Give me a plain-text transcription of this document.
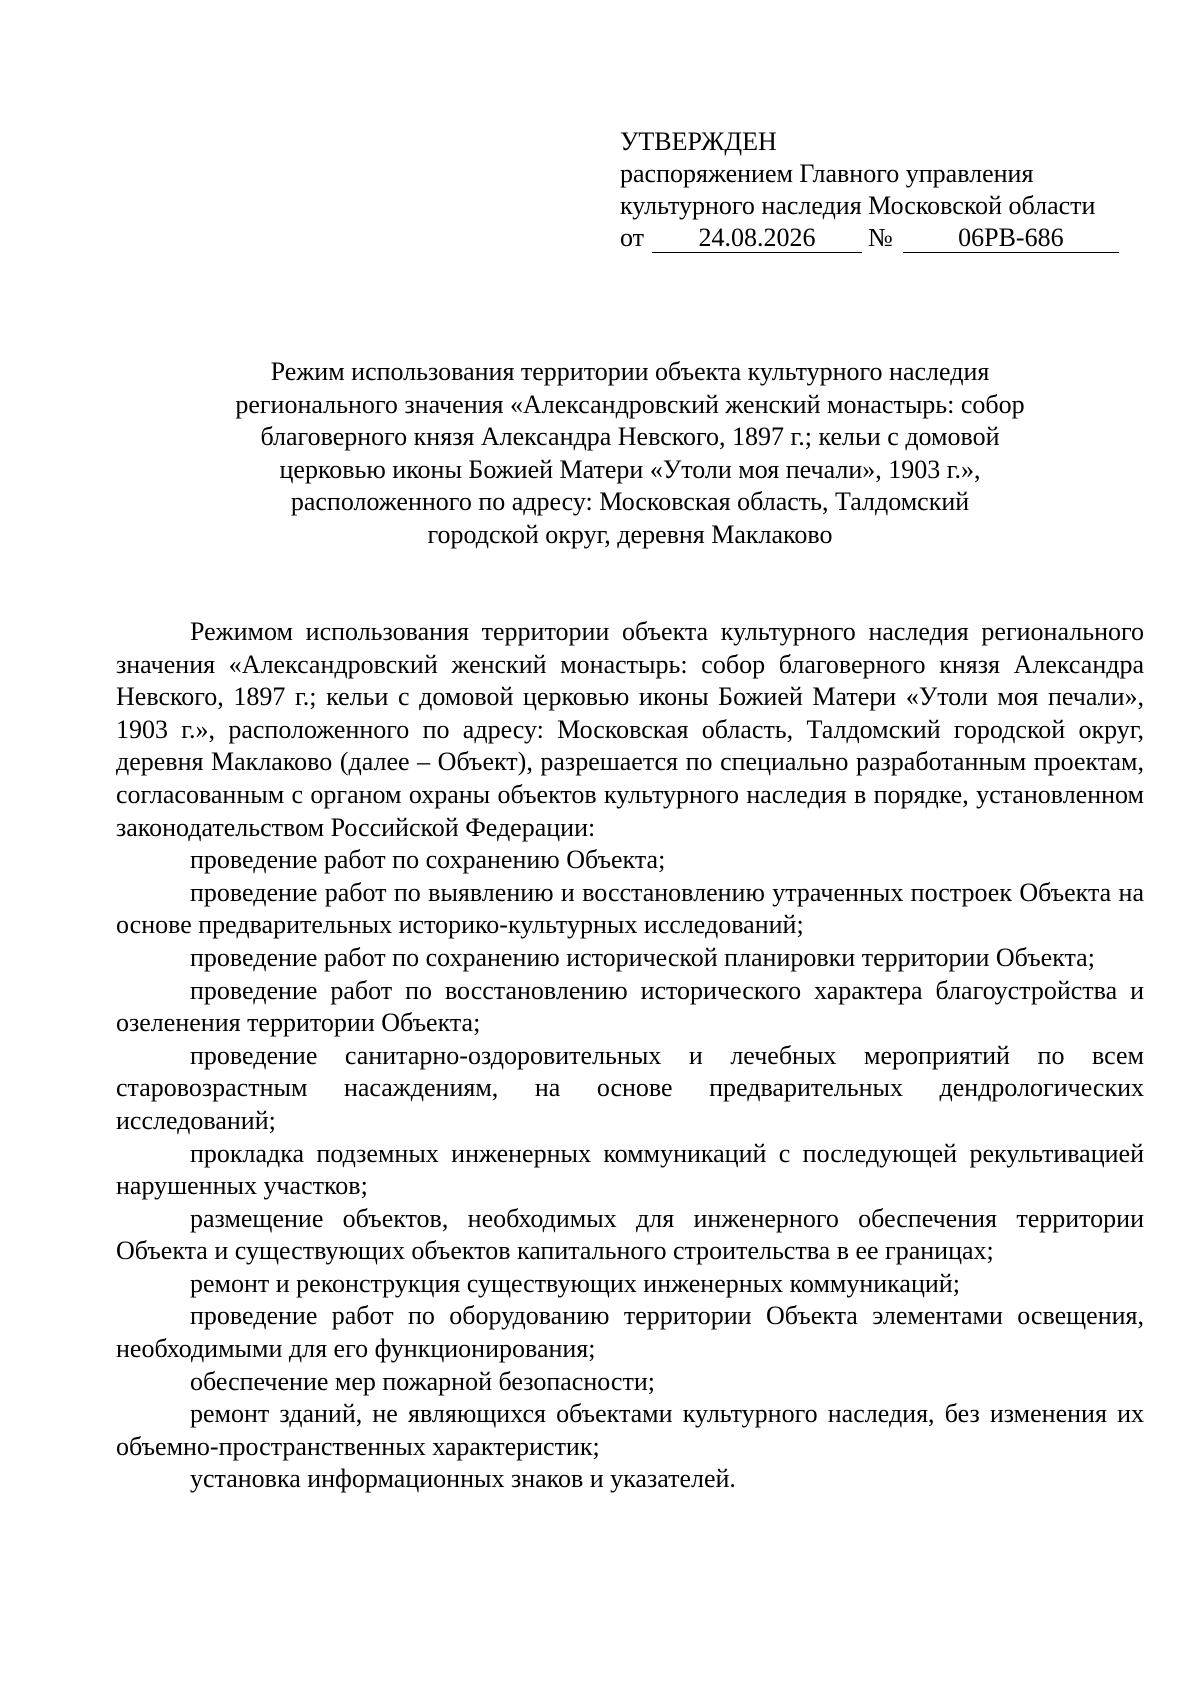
УТВЕРЖДЕН
распоряжением Главного управления
культурного наследия Московской области
от	24.08.2026	№	06РВ-686
Режим использования территории объекта культурного наследия
регионального значения «Александровский женский монастырь: собор
благоверного князя Александра Невского, 1897 г.; кельи с домовой
церковью иконы Божией Матери «Утоли моя печали», 1903 г.»,
расположенного по адресу: Московская область, Талдомский
городской округ, деревня Маклаково

Режимом использования территории объекта культурного наследия регионального значения «Александровский женский монастырь: собор благоверного князя Александра Невского, 1897 г.; кельи с домовой церковью иконы Божией Матери «Утоли моя печали», 1903 г.», расположенного по адресу: Московская область, Талдомский городской округ, деревня Маклаково (далее – Объект), разрешается по специально разработанным проектам, согласованным с органом охраны объектов культурного наследия в порядке, установленном законодательством Российской Федерации:

проведение работ по сохранению Объекта;

проведение работ по выявлению и восстановлению утраченных построек Объекта на основе предварительных историко-культурных исследований;

проведение работ по сохранению исторической планировки территории Объекта;

проведение работ по восстановлению исторического характера благоустройства и озеленения территории Объекта;

проведение санитарно-оздоровительных и лечебных мероприятий по всем старовозрастным насаждениям, на основе предварительных дендрологических исследований;

прокладка подземных инженерных коммуникаций с последующей рекультивацией нарушенных участков;

размещение объектов, необходимых для инженерного обеспечения территории Объекта и существующих объектов капитального строительства в ее границах;

ремонт и реконструкция существующих инженерных коммуникаций;

проведение работ по оборудованию территории Объекта элементами освещения, необходимыми для его функционирования;

обеспечение мер пожарной безопасности;

ремонт зданий, не являющихся объектами культурного наследия, без изменения их объемно-пространственных характеристик;

установка информационных знаков и указателей.
